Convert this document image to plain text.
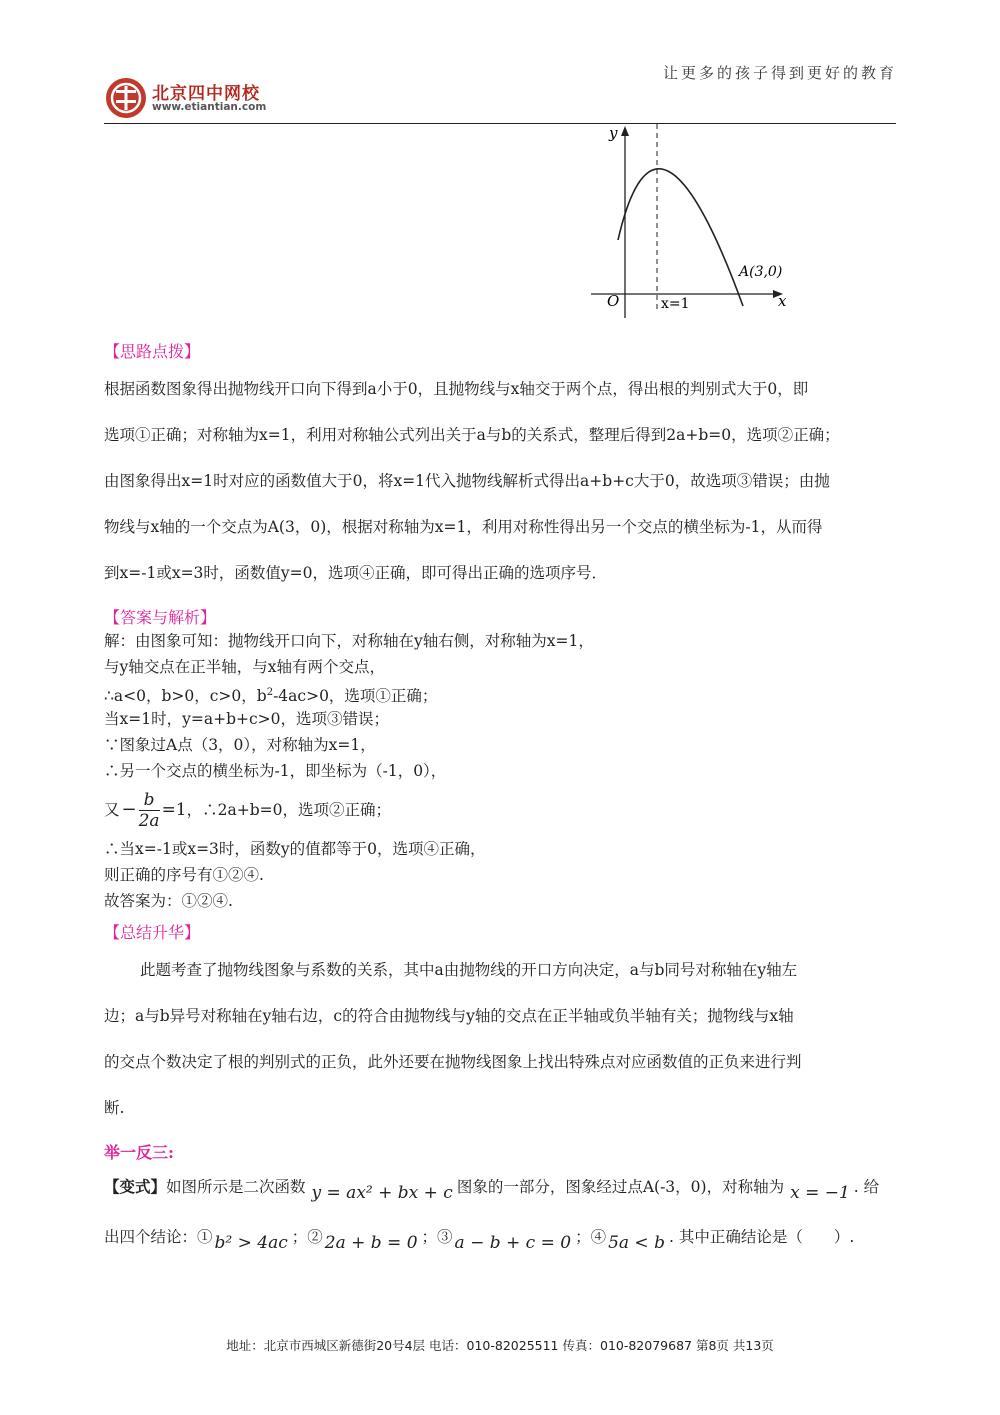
让更多的孩子得到更好的教育
北京四中网校
www.etiantian.com
y
x
O	x=1
A(3,0)
【思路点拨】
根据函数图象得出抛物线开口向下得到a小于0，且抛物线与x轴交于两个点，得出根的判别式大于0，即
选项①正确；对称轴为x=1，利用对称轴公式列出关于a与b的关系式，整理后得到2a+b=0，选项②正确；
由图象得出x=1时对应的函数值大于0，将x=1代入抛物线解析式得出a+b+c大于0，故选项③错误；由抛
物线与x轴的一个交点为A(3，0)，根据对称轴为x=1，利用对称性得出另一个交点的横坐标为-1，从而得
到x=-1或x=3时，函数值y=0，选项④正确，即可得出正确的选项序号．
【答案与解析】
解：由图象可知：抛物线开口向下，对称轴在y轴右侧，对称轴为x=1，
与y轴交点在正半轴，与x轴有两个交点，
∴a<0，b>0，c>0，$b^2-4ac>0$，选项①正确；
当x=1时，y=a+b+c>0，选项③错误；
∵图象过A点（3，0），对称轴为x=1，
∴另一个交点的横坐标为-1，即坐标为（-1，0），
又 − $\frac{b}{2a} =1$ ，∴2a+b=0，选项②正确；
∴当x=-1或x=3时，函数y的值都等于0，选项④正确，
则正确的序号有①②④.
故答案为：①②④.
【总结升华】
此题考查了抛物线图象与系数的关系，其中a由抛物线的开口方向决定，a与b同号对称轴在y轴左
边；a与b异号对称轴在y轴右边，c的符合由抛物线与y轴的交点在正半轴或负半轴有关；抛物线与x轴
的交点个数决定了根的判别式的正负，此外还要在抛物线图象上找出特殊点对应函数值的正负来进行判
断.
举一反三:
【变式】 如图所示是二次函数 y = ax² + bx + c 图象的一部分，图象经过点A(-3，0)，对称轴为 x = −1 . 给
出四个结论：① b² > 4ac ；② 2a + b = 0 ；③ a − b + c = 0 ；④ 5a < b . 其中正确结论是（　　）.
地址：北京市西城区新德街20号4层 电话：010-82025511 传真：010-82079687 第8页 共13页
